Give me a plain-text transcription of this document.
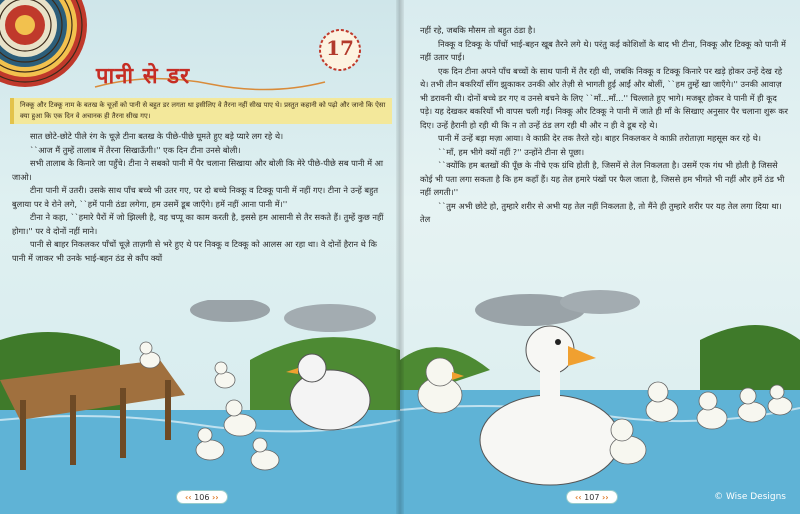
17
पानी से डर
निक्कू और टिक्कू नाम के बतख के चूज़ों को पानी से बहुत डर लगता था इसीलिए वे तैरना नहीं सीख पाए थे। प्रस्तुत कहानी को पढ़ो और जानो कि ऐसा क्या हुआ कि एक दिन वे अचानक ही तैरना सीख गए।

सात छोटे-छोटे पीले रंग के चूज़े टीना बतख के पीछे-पीछे घूमते हुए बड़े प्यारे लग रहे थे।

``आज मैं तुम्हें तालाब में तैरना सिखाऊँगी।'' एक दिन टीना उनसे बोली।

सभी तालाब के किनारे जा पहुँचे। टीना ने सबको पानी में पैर चलाना सिखाया और बोली कि मेरे पीछे-पीछे सब पानी में आ जाओ।

टीना पानी में उतरी। उसके साथ पाँच बच्चे भी उतर गए, पर दो बच्चे निक्कू व टिक्कू पानी में नहीं गए। टीना ने उन्हें बहुत बुलाया पर वे रोने लगे, ``हमें पानी ठंडा लगेगा, हम उसमें डूब जाएँगे। हमें नहीं आना पानी में।''

टीना ने कहा, ``हमारे पैरों में जो झिल्ली है, वह चप्पू का काम करती है, इससे हम आसानी से तैर सकते हैं। तुम्हें कुछ नहीं होगा।'' पर वे दोनों नहीं माने।

पानी से बाहर निकलकर पाँचों चूज़े ताज़गी से भरे हुए थे पर निक्कू व टिक्कू को आलस आ रहा था। वे दोनों हैरान थे कि पानी में जाकर भी उनके भाई-बहन ठंड से काँप क्यों

‹‹ 106 ››

नहीं रहे, जबकि मौसम तो बहुत ठंडा है।

निक्कू व टिक्कू के पाँचों भाई-बहन खूब तैरने लगे थे। परंतु कई कोशिशों के बाद भी टीना, निक्कू और टिक्कू को पानी में नहीं उतार पाई।

एक दिन टीना अपने पाँच बच्चों के साथ पानी में तैर रही थी, जबकि निक्कू व टिक्कू किनारे पर खड़े होकर उन्हें देख रहे थे। तभी तीन बकरियाँ सींग झुकाकर उनकी ओर तेज़ी से भागती हुई आईं और बोलीं, ``हम तुम्हें खा जाएँगे।'' उनकी आवाज़ भी डरावनी थी। दोनों बच्चे डर गए व उनसे बचने के लिए ``माँ...माँ...'' चिल्लाते हुए भागे। मजबूर होकर वे पानी में ही कूद पड़े। यह देखकर बकरियाँ भी वापस चली गईं। निक्कू और टिक्कू ने पानी में जाते ही माँ के सिखाए अनुसार पैर चलाना शुरू कर दिए। उन्हें हैरानी हो रही थी कि न तो उन्हें ठंड लग रही थी और न ही वे डूब रहे थे।

पानी में उन्हें बड़ा मज़ा आया। वे काफ़ी देर तक तैरते रहे। बाहर निकलकर वे काफ़ी तरोताज़ा महसूस कर रहे थे।

``माँ, हम भीगे क्यों नहीं ?'' उन्होंने टीना से पूछा।

``क्योंकि हम बतखों की पूँछ के नीचे एक ग्रंथि होती है, जिसमें से तेल निकलता है। उसमें एक गंध भी होती है जिससे कोई भी पता लगा सकता है कि हम कहाँ हैं। यह तेल हमारे पंखों पर फैल जाता है, जिससे हम भीगते भी नहीं और हमें ठंड भी नहीं लगती।''

``तुम अभी छोटे हो, तुम्हारे शरीर से अभी यह तेल नहीं निकलता है, तो मैंने ही तुम्हारे शरीर पर यह तेल लगा दिया था। तेल

‹‹ 107 ››	© Wise Designs
